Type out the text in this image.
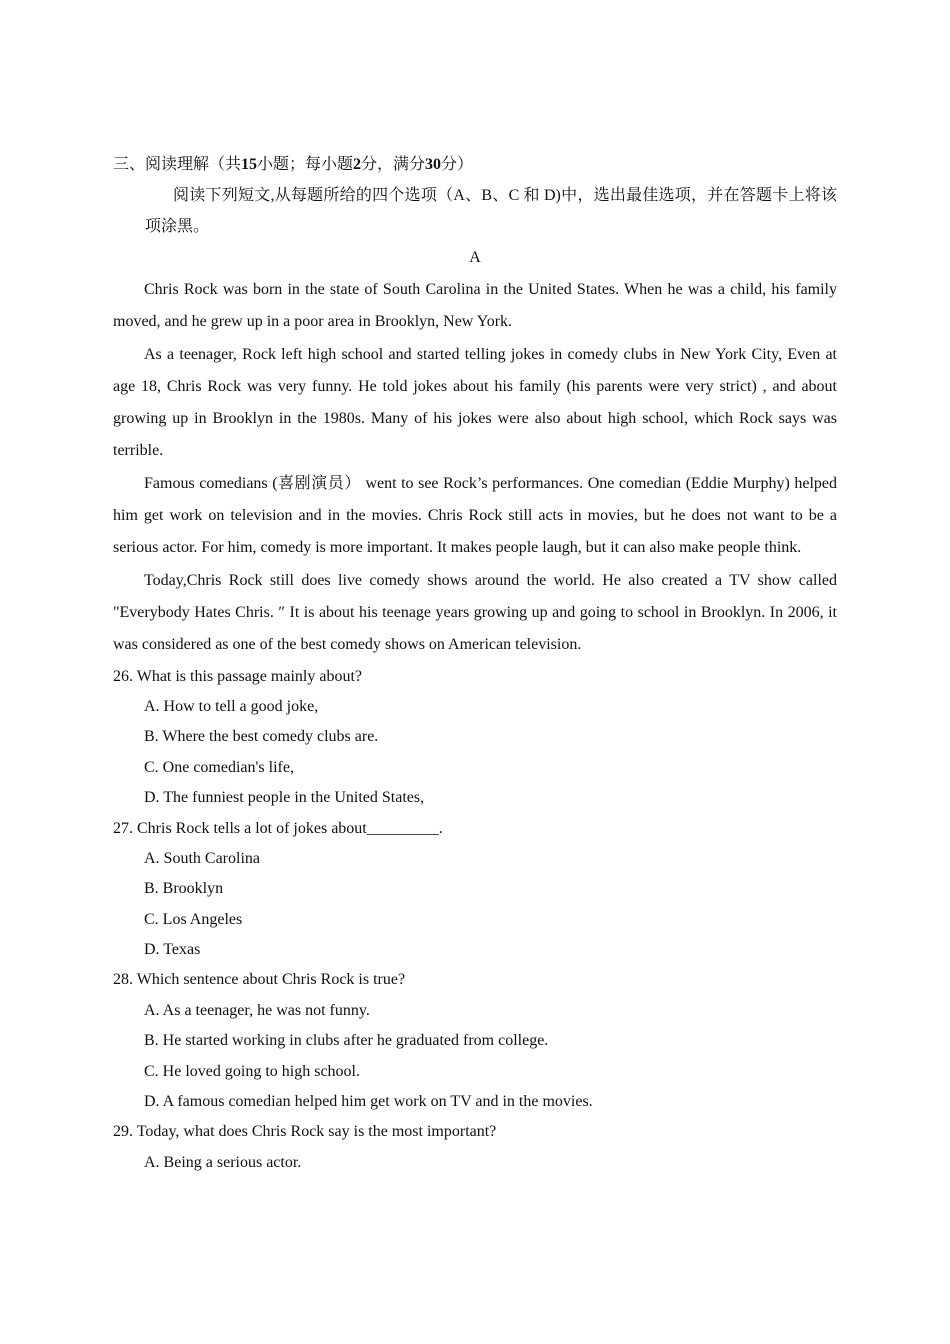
三、阅读理解（共15小题；每小题2分，满分30分）
阅读下列短文,从每题所给的四个选项（A、B、C 和 D)中，选出最佳选项，并在答题卡上将该项涂黑。
A

Chris Rock was born in the state of South Carolina in the United States. When he was a child, his family moved, and he grew up in a poor area in Brooklyn, New York.

As a teenager, Rock left high school and started telling jokes in comedy clubs in New York City, Even at age 18, Chris Rock was very funny. He told jokes about his family (his parents were very strict) , and about growing up in Brooklyn in the 1980s. Many of his jokes were also about high school, which Rock says was terrible.

Famous comedians (喜剧演员） went to see Rock’s performances. One comedian (Eddie Murphy) helped him get work on television and in the movies. Chris Rock still acts in movies, but he does not want to be a serious actor. For him, comedy is more important. It makes people laugh, but it can also make people think.

Today,Chris Rock still does live comedy shows around the world. He also created a TV show called "Everybody Hates Chris. ″ It is about his teenage years growing up and going to school in Brooklyn. In 2006, it was considered as one of the best comedy shows on American television.

26. What is this passage mainly about?
A. How to tell a good joke,
B. Where the best comedy clubs are.
C. One comedian's life,
D. The funniest people in the United States,
27. Chris Rock tells a lot of jokes about_________.
A. South Carolina
B. Brooklyn
C. Los Angeles
D. Texas
28. Which sentence about Chris Rock is true?
A. As a teenager, he was not funny.
B. He started working in clubs after he graduated from college.
C. He loved going to high school.
D. A famous comedian helped him get work on TV and in the movies.
29. Today, what does Chris Rock say is the most important?
A. Being a serious actor.
